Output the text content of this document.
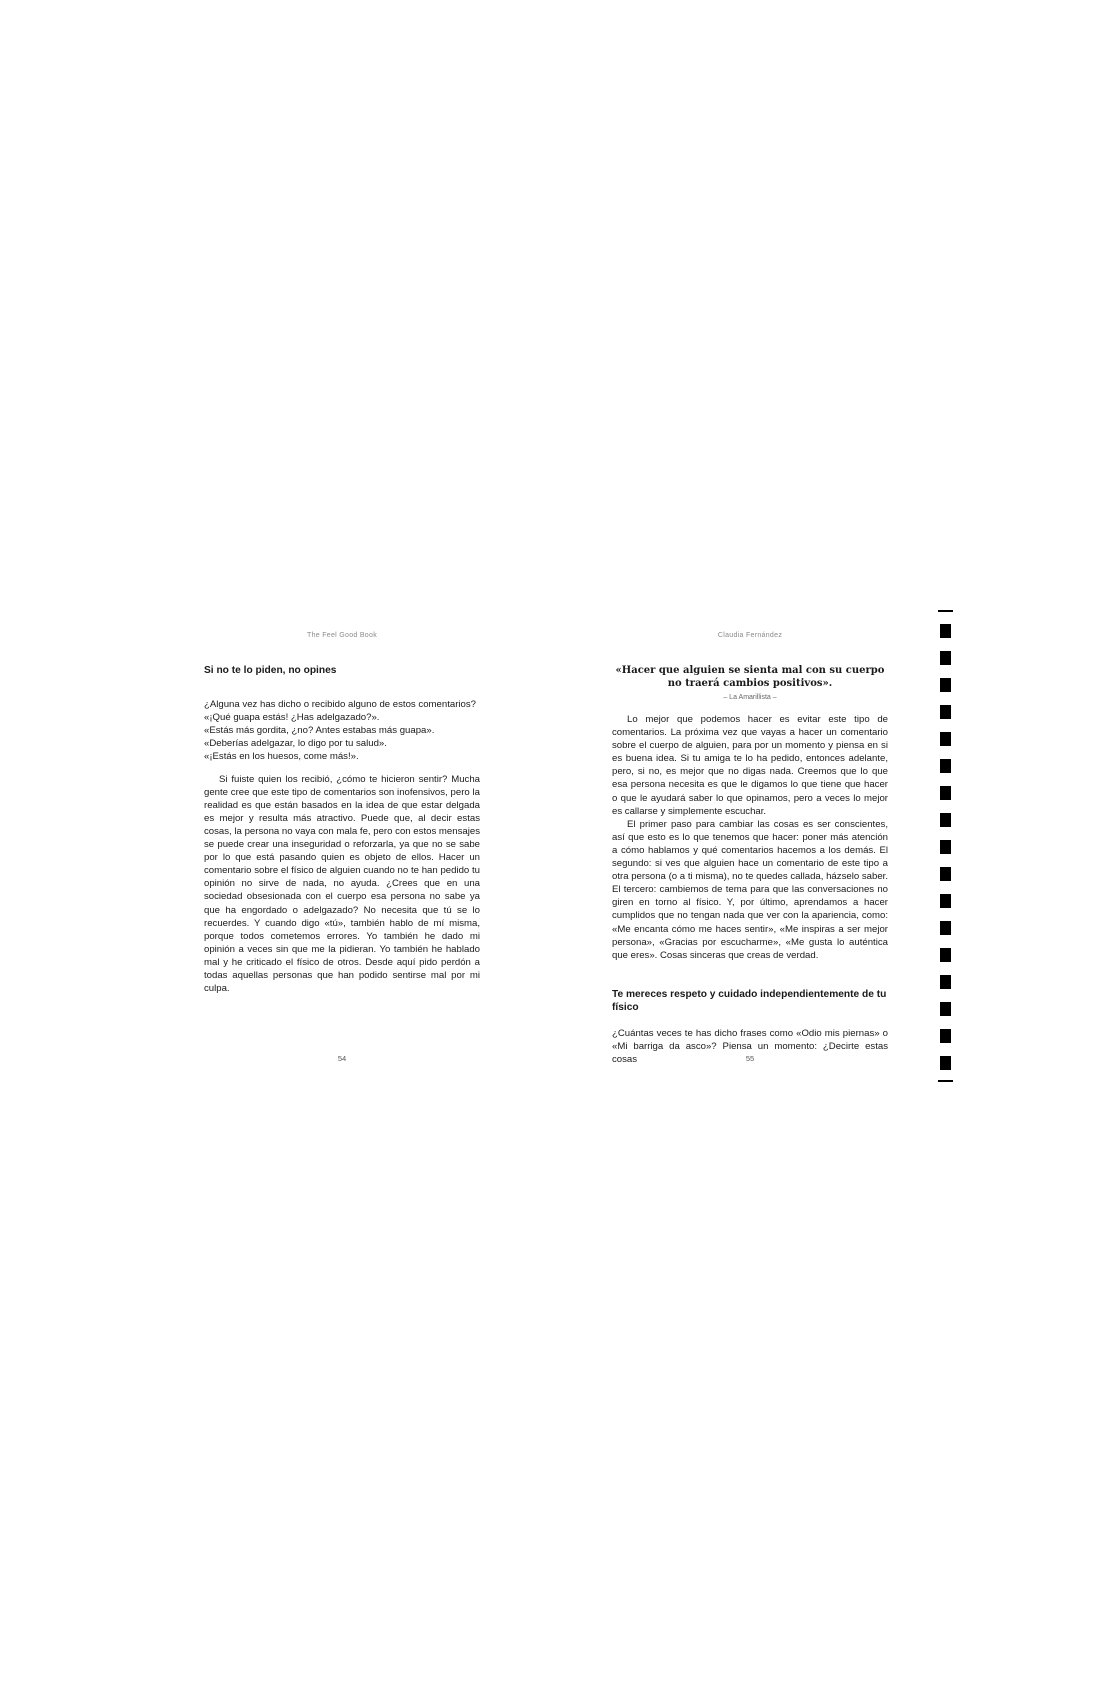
The Feel Good Book

Si no te lo piden, no opines

¿Alguna vez has dicho o recibido alguno de estos comentarios?

«¡Qué guapa estás! ¿Has adelgazado?».

«Estás más gordita, ¿no? Antes estabas más guapa».

«Deberías adelgazar, lo digo por tu salud».

«¡Estás en los huesos, come más!».

Si fuiste quien los recibió, ¿cómo te hicieron sentir? Mucha gente cree que este tipo de comentarios son inofensivos, pero la realidad es que están basados en la idea de que estar delgada es mejor y resulta más atractivo. Puede que, al decir estas cosas, la persona no vaya con mala fe, pero con estos mensajes se puede crear una inseguridad o reforzarla, ya que no se sabe por lo que está pasando quien es objeto de ellos. Hacer un comentario sobre el físico de alguien cuando no te han pedido tu opinión no sirve de nada, no ayuda. ¿Crees que en una sociedad obsesionada con el cuerpo esa persona no sabe ya que ha engordado o adelgazado? No necesita que tú se lo recuerdes. Y cuando digo «tú», también hablo de mí misma, porque todos cometemos errores. Yo también he dado mi opinión a veces sin que me la pidieran. Yo también he hablado mal y he criticado el físico de otros. Desde aquí pido perdón a todas aquellas personas que han podido sentirse mal por mi culpa.

54
Claudia Fernández
«Hacer que alguien se sienta mal con su cuerpo
no traerá cambios positivos».
– La Amarillista –

Lo mejor que podemos hacer es evitar este tipo de comentarios. La próxima vez que vayas a hacer un comentario sobre el cuerpo de alguien, para por un momento y piensa en si es buena idea. Si tu amiga te lo ha pedido, entonces adelante, pero, si no, es mejor que no digas nada. Creemos que lo que esa persona necesita es que le digamos lo que tiene que hacer o que le ayudará saber lo que opinamos, pero a veces lo mejor es callarse y simplemente escuchar.

El primer paso para cambiar las cosas es ser conscientes, así que esto es lo que tenemos que hacer: poner más atención a cómo hablamos y qué comentarios hacemos a los demás. El segundo: si ves que alguien hace un comentario de este tipo a otra persona (o a ti misma), no te quedes callada, házselo saber. El tercero: cambiemos de tema para que las conversaciones no giren en torno al físico. Y, por último, aprendamos a hacer cumplidos que no tengan nada que ver con la apariencia, como: «Me encanta cómo me haces sentir», «Me inspiras a ser mejor persona», «Gracias por escucharme», «Me gusta lo auténtica que eres». Cosas sinceras que creas de verdad.

Te mereces respeto y cuidado independientemente de tu físico

¿Cuántas veces te has dicho frases como «Odio mis piernas» o «Mi barriga da asco»? Piensa un momento: ¿Decirte estas cosas	55
